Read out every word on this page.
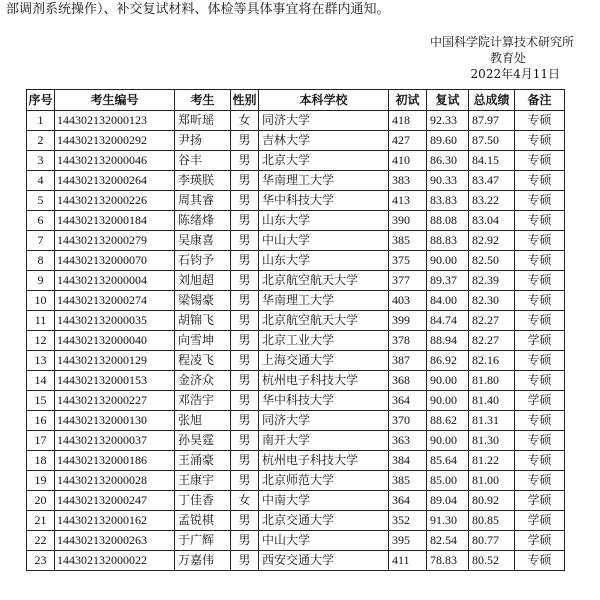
部调剂系统操作）、补交复试材料、体检等具体事宜将在群内通知。
中国科学院计算技术研究所
教育处
2022年4月11日
序号	考生编号	考生	性别	本科学校	初试	复试	总成绩	备注
1	144302132000123	郑昕瑶	女	同济大学	418	92.33	87.97	专硕
2	144302132000292	尹扬	男	吉林大学	427	89.60	87.50	专硕
3	144302132000046	谷丰	男	北京大学	410	86.30	84.15	专硕
4	144302132000264	李瑛朕	男	华南理工大学	383	90.33	83.47	专硕
5	144302132000226	周其睿	男	华中科技大学	413	83.83	83.22	专硕
6	144302132000184	陈绪烽	男	山东大学	390	88.08	83.04	专硕
7	144302132000279	吴康喜	男	中山大学	385	88.83	82.92	专硕
8	144302132000070	石钧予	男	山东大学	375	90.00	82.50	专硕
9	144302132000004	刘旭超	男	北京航空航天大学	377	89.37	82.39	专硕
10	144302132000274	梁锡豪	男	华南理工大学	403	84.00	82.30	专硕
11	144302132000035	胡锦飞	男	北京航空航天大学	399	84.74	82.27	专硕
12	144302132000040	向雪坤	男	北京工业大学	378	88.94	82.27	学硕
13	144302132000129	程凌飞	男	上海交通大学	387	86.92	82.16	专硕
14	144302132000153	金济众	男	杭州电子科技大学	368	90.00	81.80	专硕
15	144302132000227	邓浩宇	男	华中科技大学	364	90.00	81.40	学硕
16	144302132000130	张旭	男	同济大学	370	88.62	81.31	专硕
17	144302132000037	孙昊霆	男	南开大学	363	90.00	81.30	专硕
18	144302132000186	王涌豪	男	杭州电子科技大学	384	85.64	81.22	专硕
19	144302132000028	王康宇	男	北京师范大学	385	85.00	81.00	专硕
20	144302132000247	丁佳香	女	中南大学	364	89.04	80.92	学硕
21	144302132000162	孟锐棋	男	北京交通大学	352	91.30	80.85	学硕
22	144302132000263	于广辉	男	中山大学	395	82.54	80.77	学硕
23	144302132000022	万嘉伟	男	西安交通大学	411	78.83	80.52	专硕
